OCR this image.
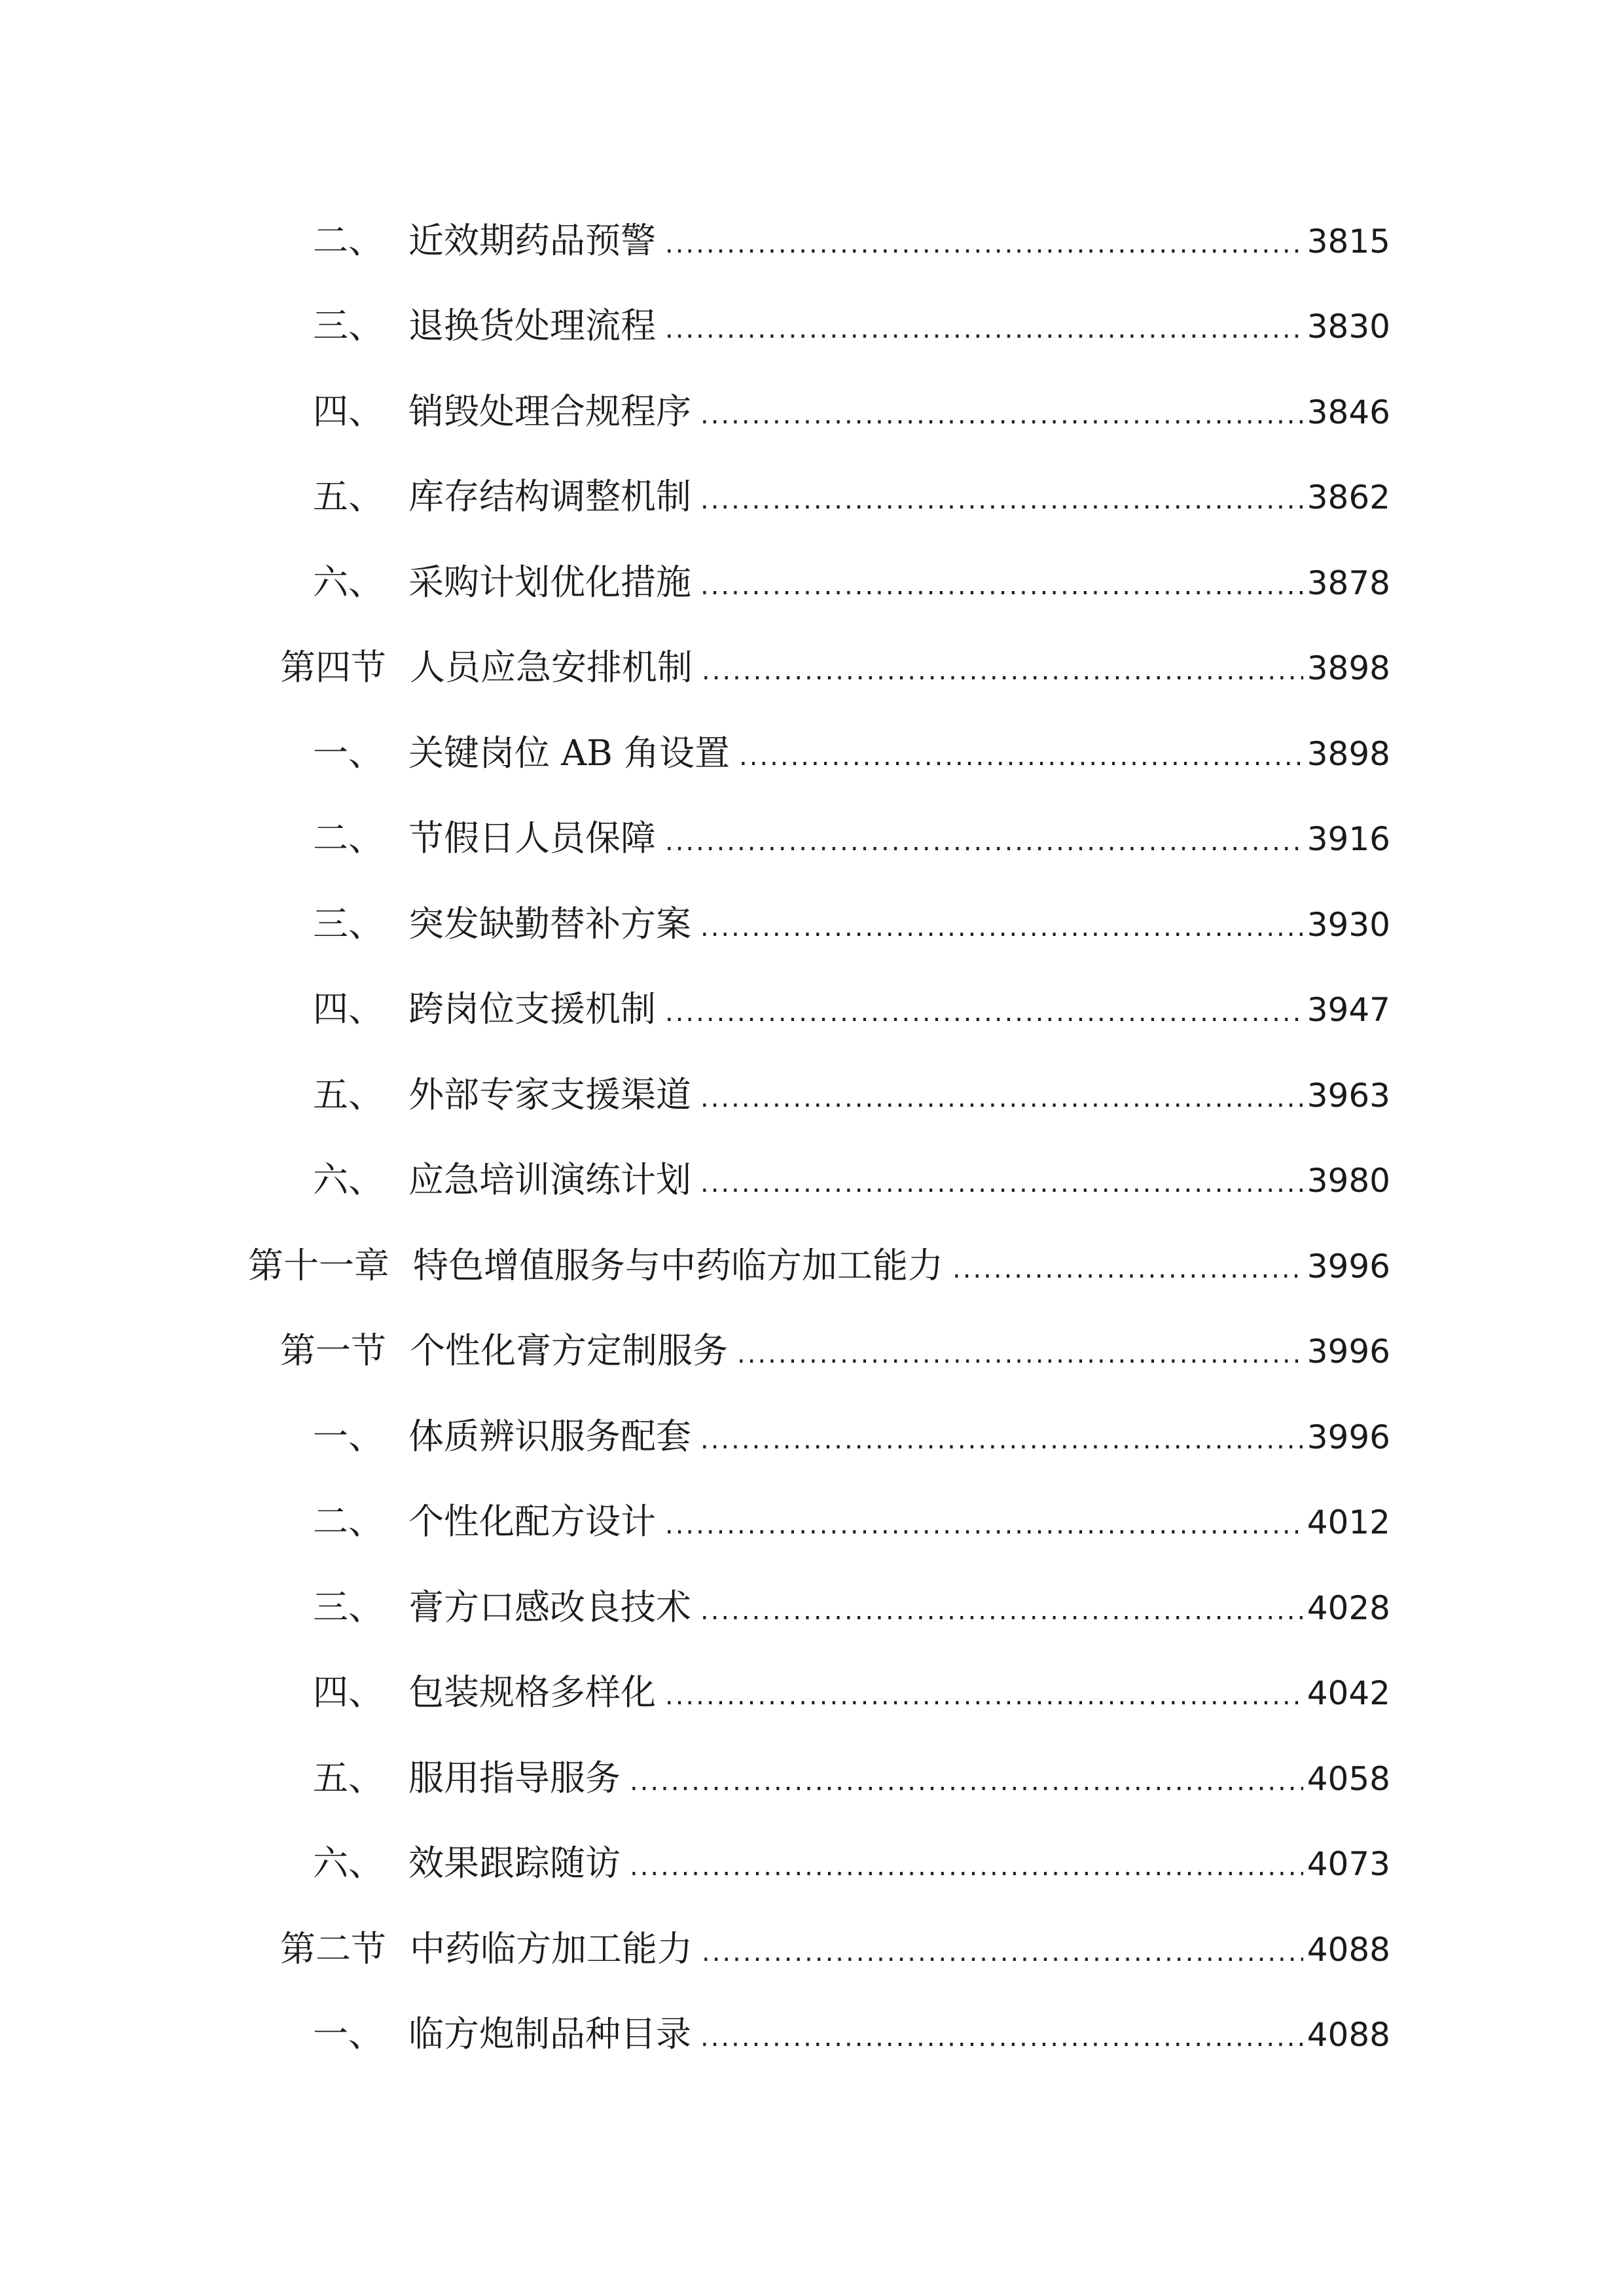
二、 近效期药品预警 .....	3815
三、 退换货处理流程 .....	3830
四、 销毁处理合规程序 .....	3846
五、 库存结构调整机制 .....	3862
六、 采购计划优化措施 .....	3878
第四节 人员应急安排机制 .....	3898
一、 关键岗位 AB 角设置 .....	3898
二、 节假日人员保障 .....	3916
三、 突发缺勤替补方案 .....	3930
四、 跨岗位支援机制 .....	3947
五、 外部专家支援渠道 .....	3963
六、 应急培训演练计划 .....	3980
第十一章 特色增值服务与中药临方加工能力 .....	3996
第一节 个性化膏方定制服务 .....	3996
一、 体质辨识服务配套 .....	3996
二、 个性化配方设计 .....	4012
三、 膏方口感改良技术 .....	4028
四、 包装规格多样化 .....	4042
五、 服用指导服务 .....	4058
六、 效果跟踪随访 .....	4073
第二节 中药临方加工能力 .....	4088
一、 临方炮制品种目录 .....	4088
